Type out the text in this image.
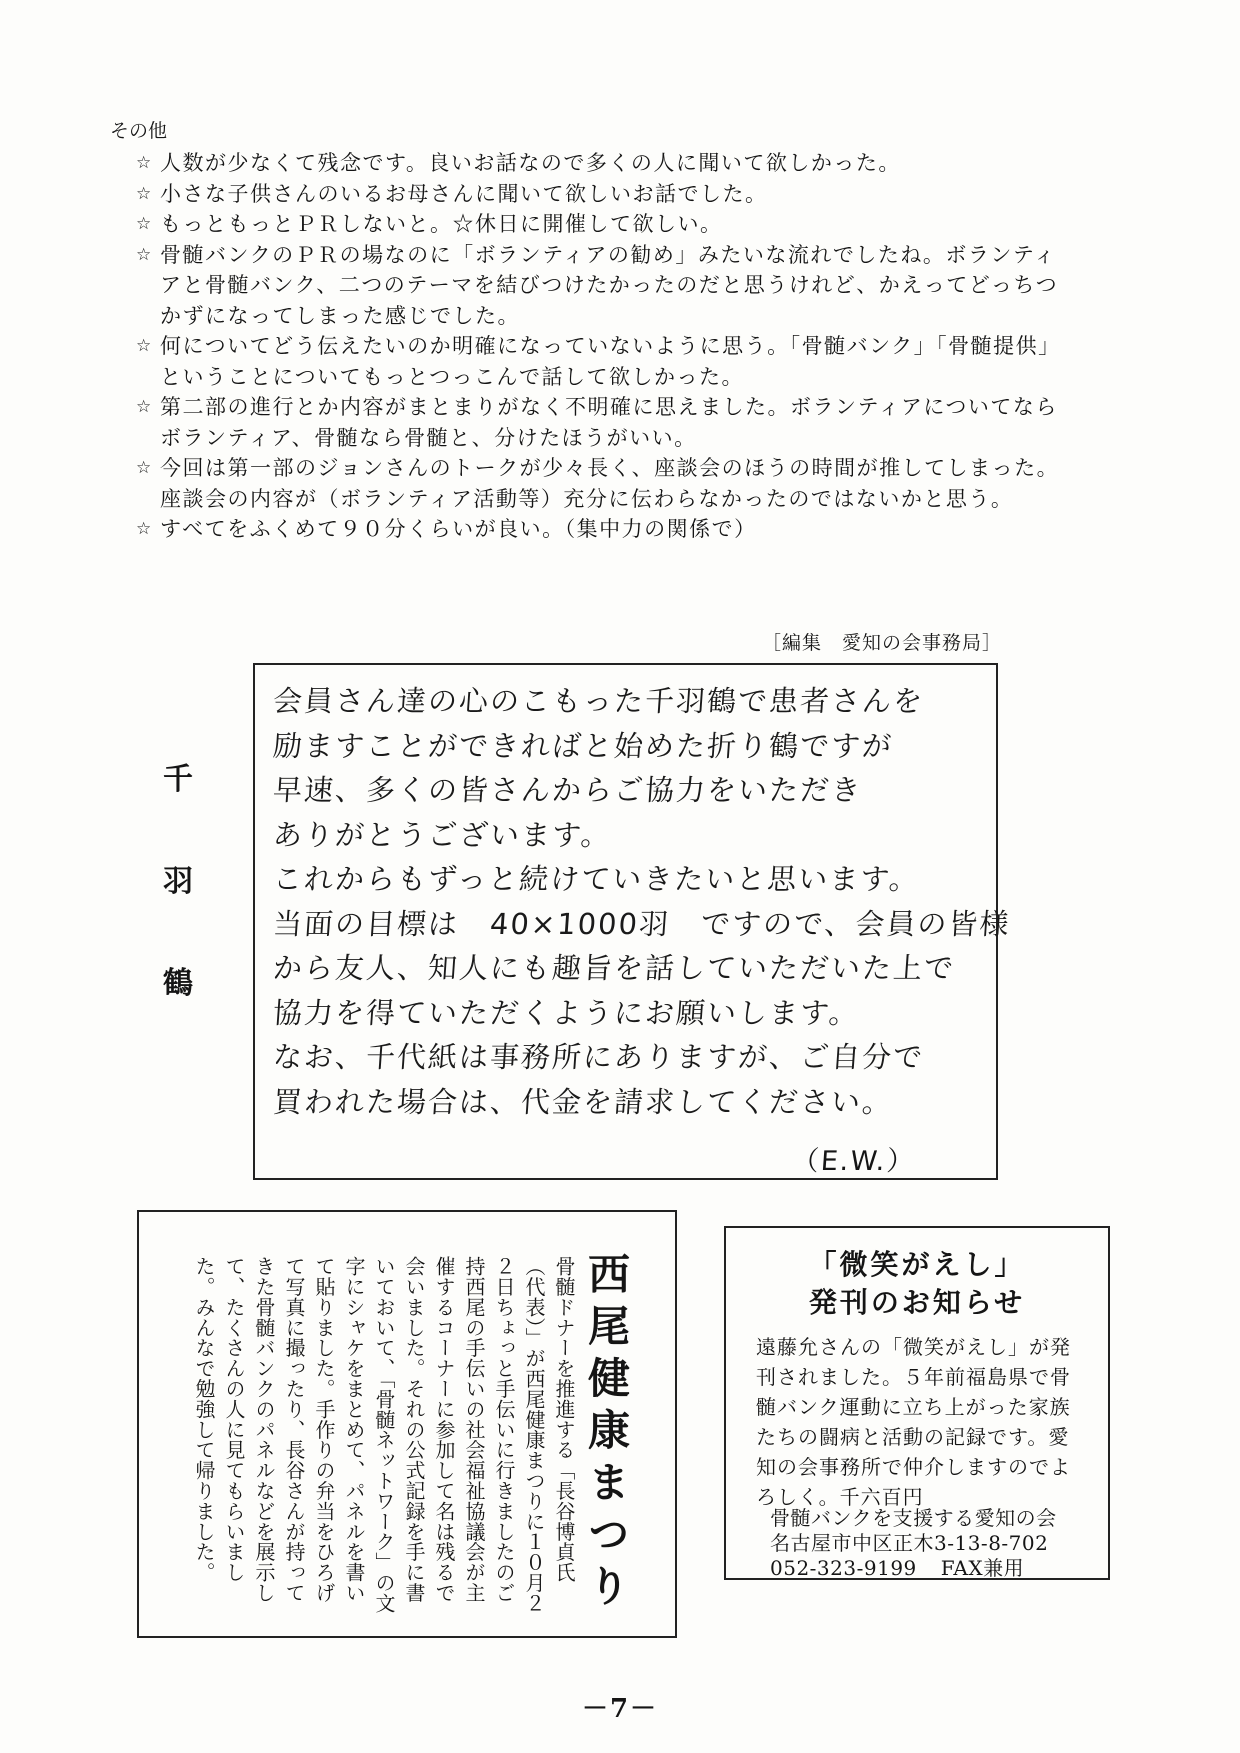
その他
☆ 人数が少なくて残念です。良いお話なので多くの人に聞いて欲しかった。
☆ 小さな子供さんのいるお母さんに聞いて欲しいお話でした。
☆ もっともっとＰＲしないと。☆休日に開催して欲しい。
☆ 骨髄バンクのＰＲの場なのに「ボランティアの勧め」みたいな流れでしたね。ボランティアと骨髄バンク、二つのテーマを結びつけたかったのだと思うけれど、かえってどっちつかずになってしまった感じでした。
☆ 何についてどう伝えたいのか明確になっていないように思う。「骨髄バンク」「骨髄提供」ということについてもっとつっこんで話して欲しかった。
☆ 第二部の進行とか内容がまとまりがなく不明確に思えました。ボランティアについてならボランティア、骨髄なら骨髄と、分けたほうがいい。
☆ 今回は第一部のジョンさんのトークが少々長く、座談会のほうの時間が推してしまった。座談会の内容が（ボランティア活動等）充分に伝わらなかったのではないかと思う。
☆ すべてをふくめて９０分くらいが良い。（集中力の関係で）
［編集　愛知の会事務局］
千
羽
鶴
会員さん達の心のこもった千羽鶴で患者さんを
励ますことができればと始めた折り鶴ですが
早速、多くの皆さんからご協力をいただき
ありがとうございます。
これからもずっと続けていきたいと思います。
当面の目標は　40×1000羽　ですので、会員の皆様
から友人、知人にも趣旨を話していただいた上で
協力を得ていただくようにお願いします。
なお、千代紙は事務所にありますが、ご自分で
買われた場合は、代金を請求してください。
（E.W.）
西尾健康まつり
骨髄ドナーを推進する「長谷博貞氏（代表）」が西尾健康まつりに１０月２２日ちょっと手伝いに行きましたのご持西尾の手伝いの社会福祉協議会が主催するコーナーに参加して名は残るで会いました。それの公式記録を手に書いておいて、「骨髄ネットワーク」の文字にシャケをまとめて、パネルを書いて貼りました。手作りの弁当をひろげて写真に撮ったり、長谷さんが持ってきた骨髄バンクのパネルなどを展示して、たくさんの人に見てもらいました。みんなで勉強して帰りました。	「微笑がえし」
発刊のお知らせ

遠藤允さんの「微笑がえし」が発刊されました。５年前福島県で骨髄バンク運動に立ち上がった家族たちの闘病と活動の記録です。愛知の会事務所で仲介しますのでよろしく。千六百円

骨髄バンクを支援する愛知の会
名古屋市中区正木3-13-8-702
052-323-9199 FAX兼用
－7－
